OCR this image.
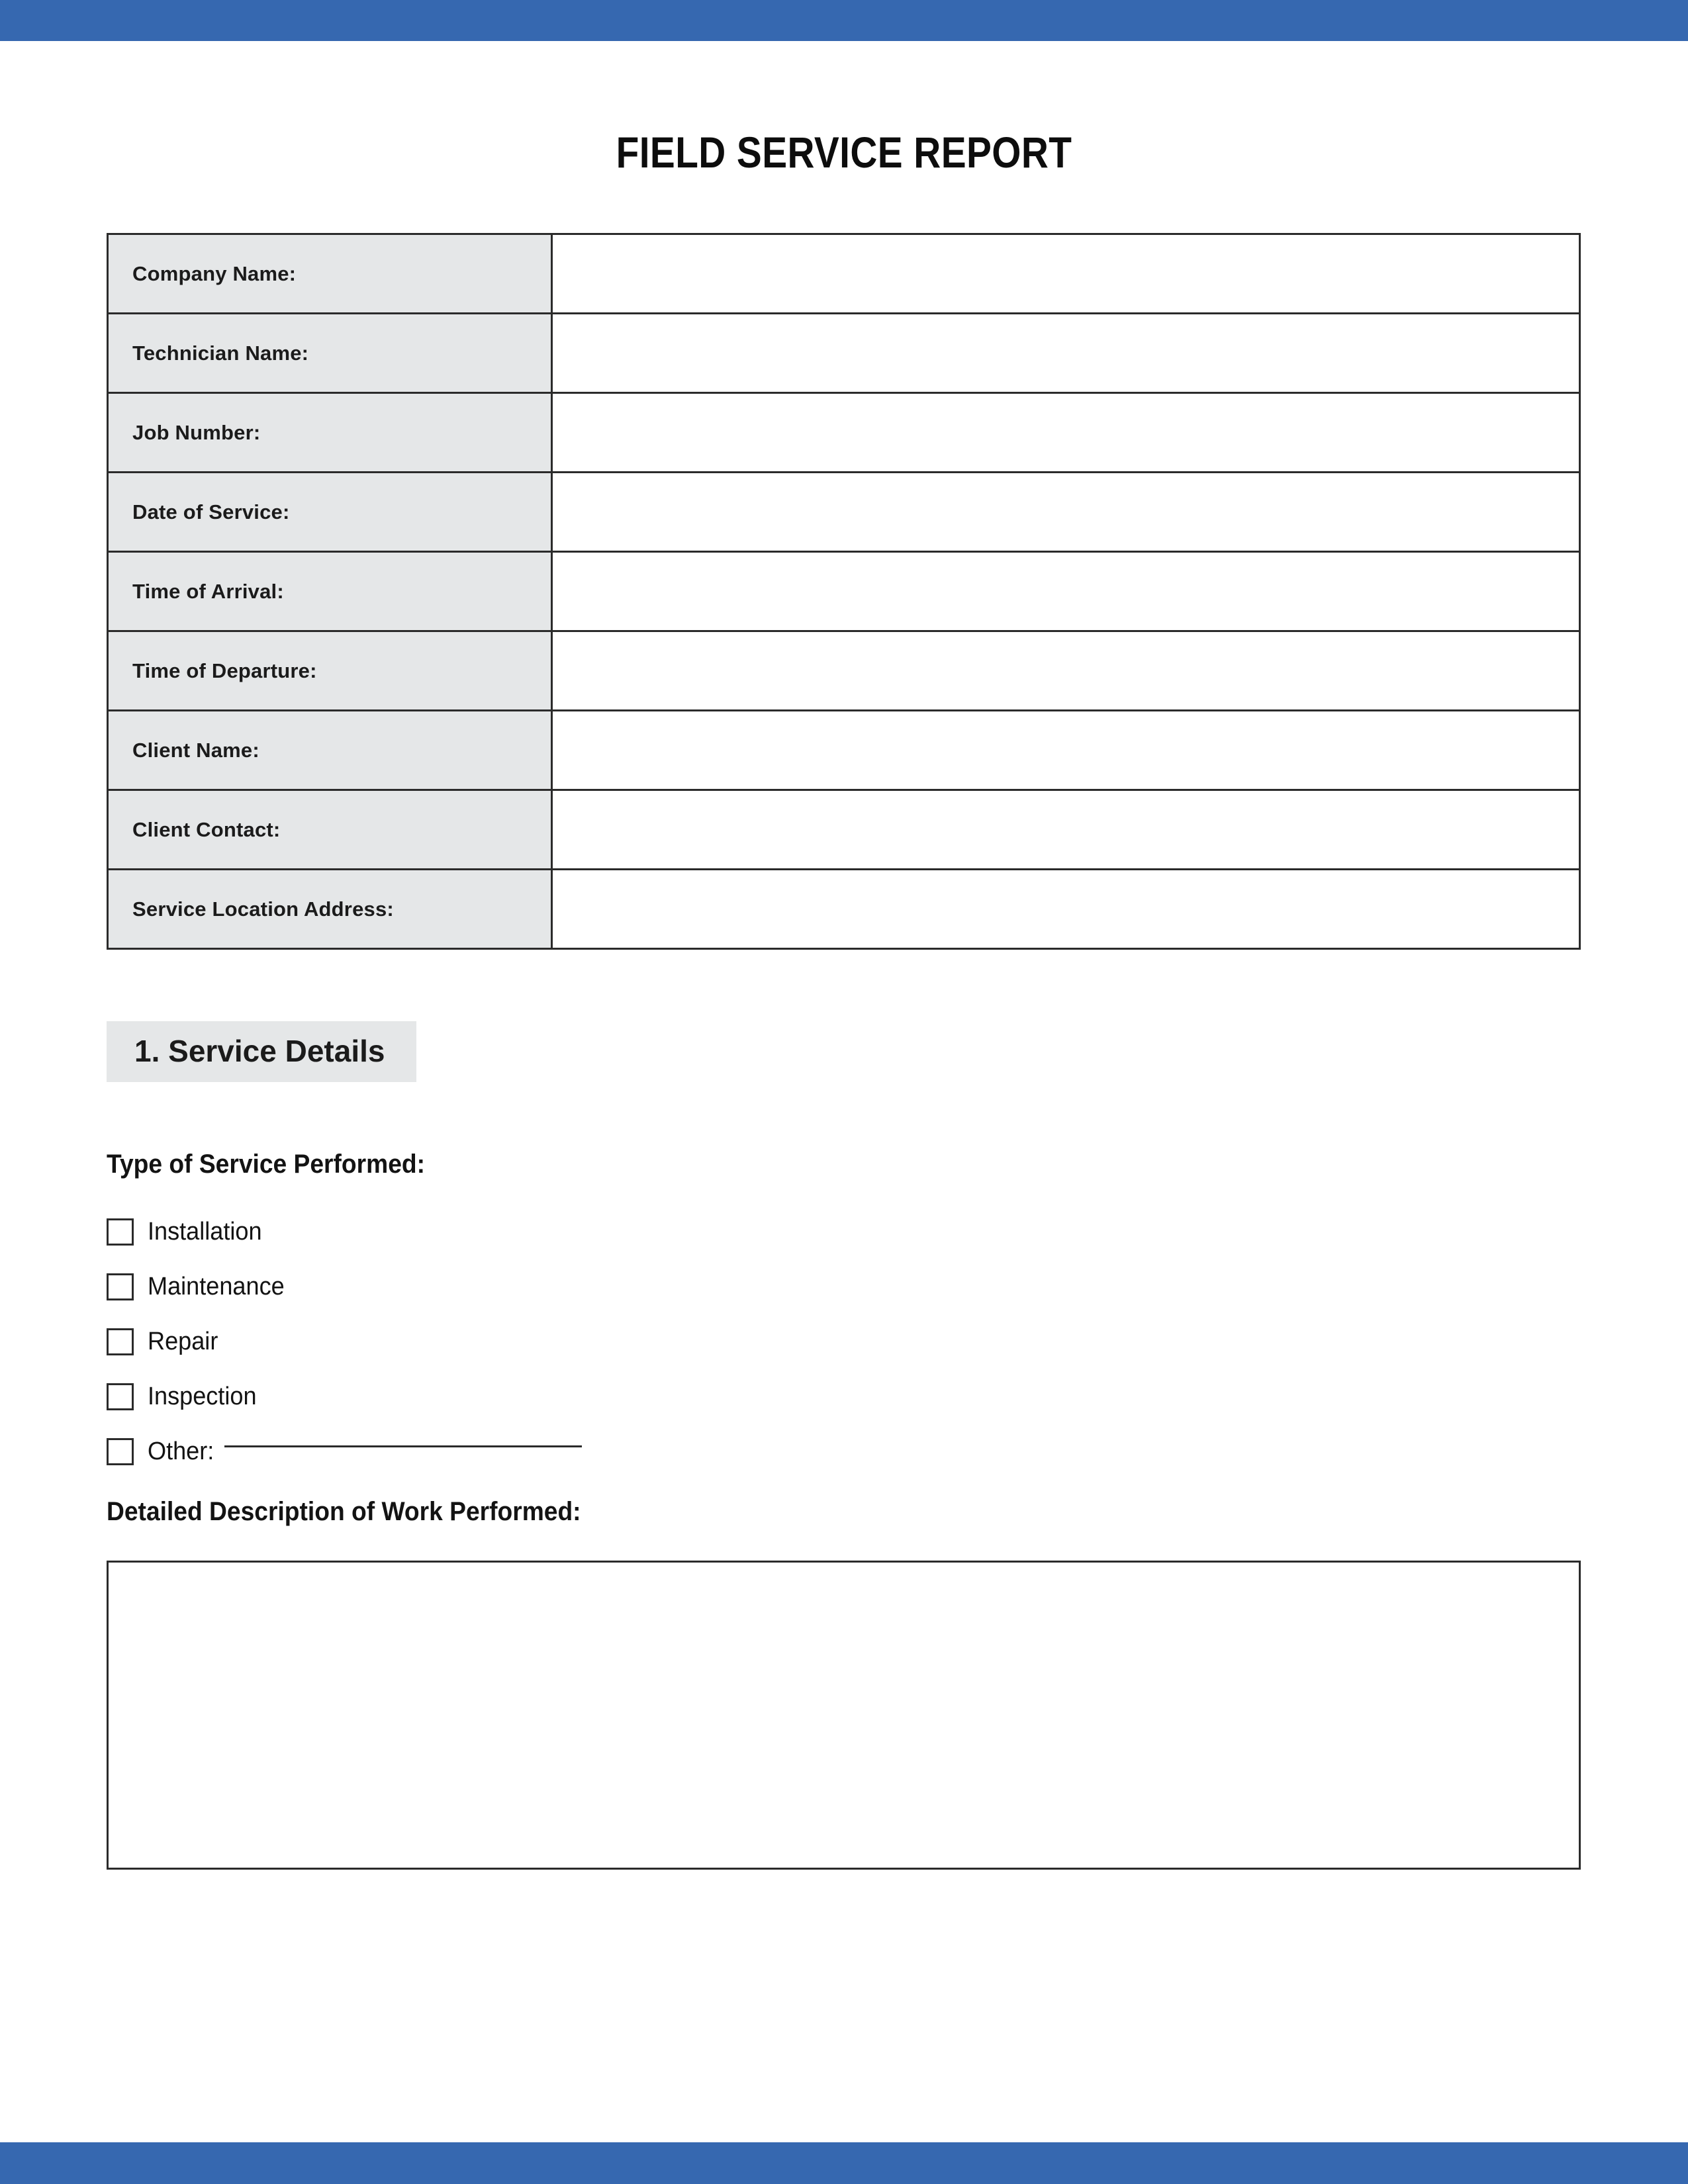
FIELD SERVICE REPORT
Company Name:	
Technician Name:	
Job Number:	
Date of Service:	
Time of Arrival:	
Time of Departure:	
Client Name:	
Client Contact:	
Service Location Address:	
1. Service Details
Type of Service Performed:
Installation
Maintenance
Repair
Inspection
Other:
Detailed Description of Work Performed:
